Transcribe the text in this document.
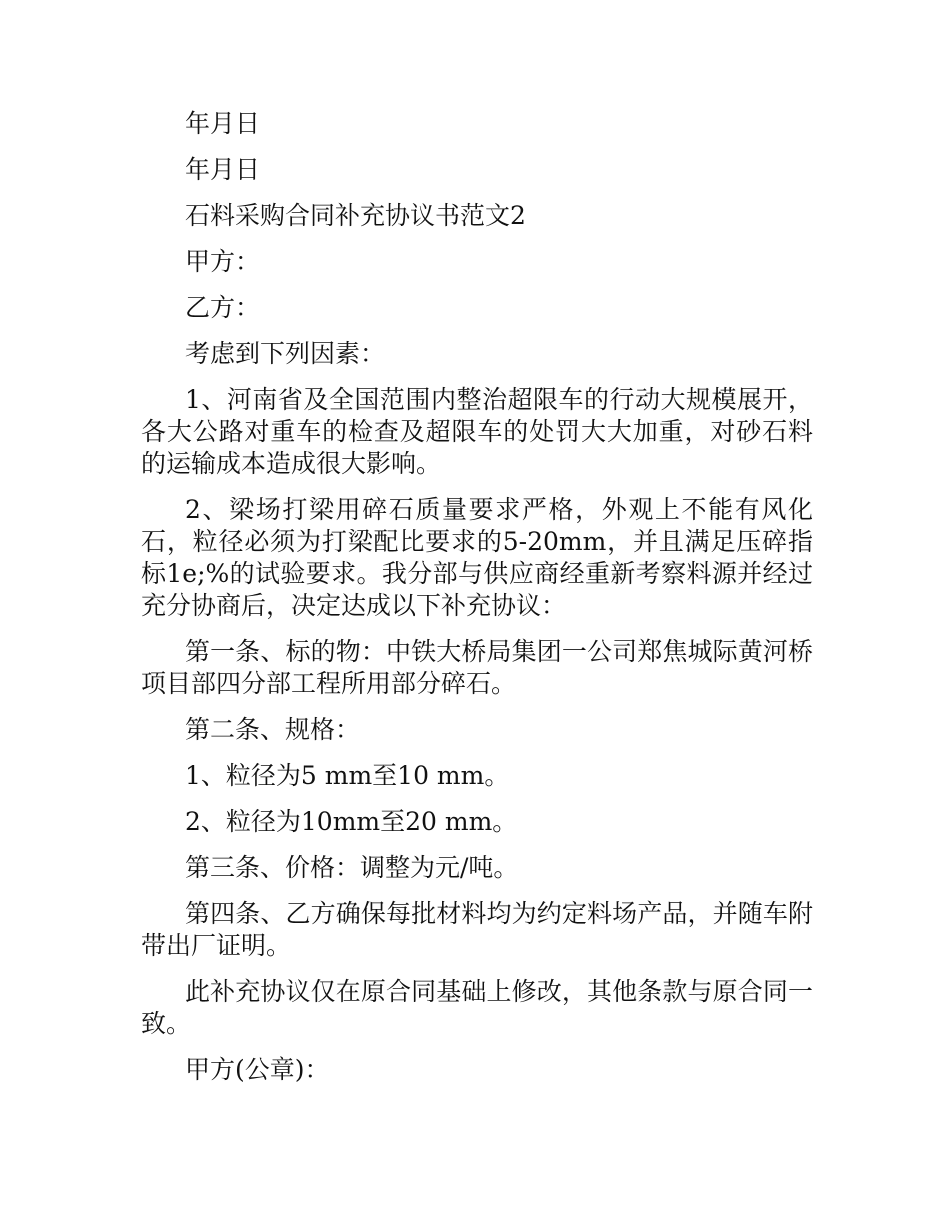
年月日

年月日

石料采购合同补充协议书范文2

甲方：

乙方：

考虑到下列因素：

1、河南省及全国范围内整治超限车的行动大规模展开，各大公路对重车的检查及超限车的处罚大大加重，对砂石料的运输成本造成很大影响。

2、梁场打梁用碎石质量要求严格，外观上不能有风化石，粒径必须为打梁配比要求的5-20mm，并且满足压碎指标1e;%的试验要求。我分部与供应商经重新考察料源并经过充分协商后，决定达成以下补充协议：

第一条、标的物：中铁大桥局集团一公司郑焦城际黄河桥项目部四分部工程所用部分碎石。

第二条、规格：

1、粒径为5 mm至10 mm。

2、粒径为10mm至20 mm。

第三条、价格：调整为元/吨。

第四条、乙方确保每批材料均为约定料场产品，并随车附带出厂证明。

此补充协议仅在原合同基础上修改，其他条款与原合同一致。

甲方(公章)：
